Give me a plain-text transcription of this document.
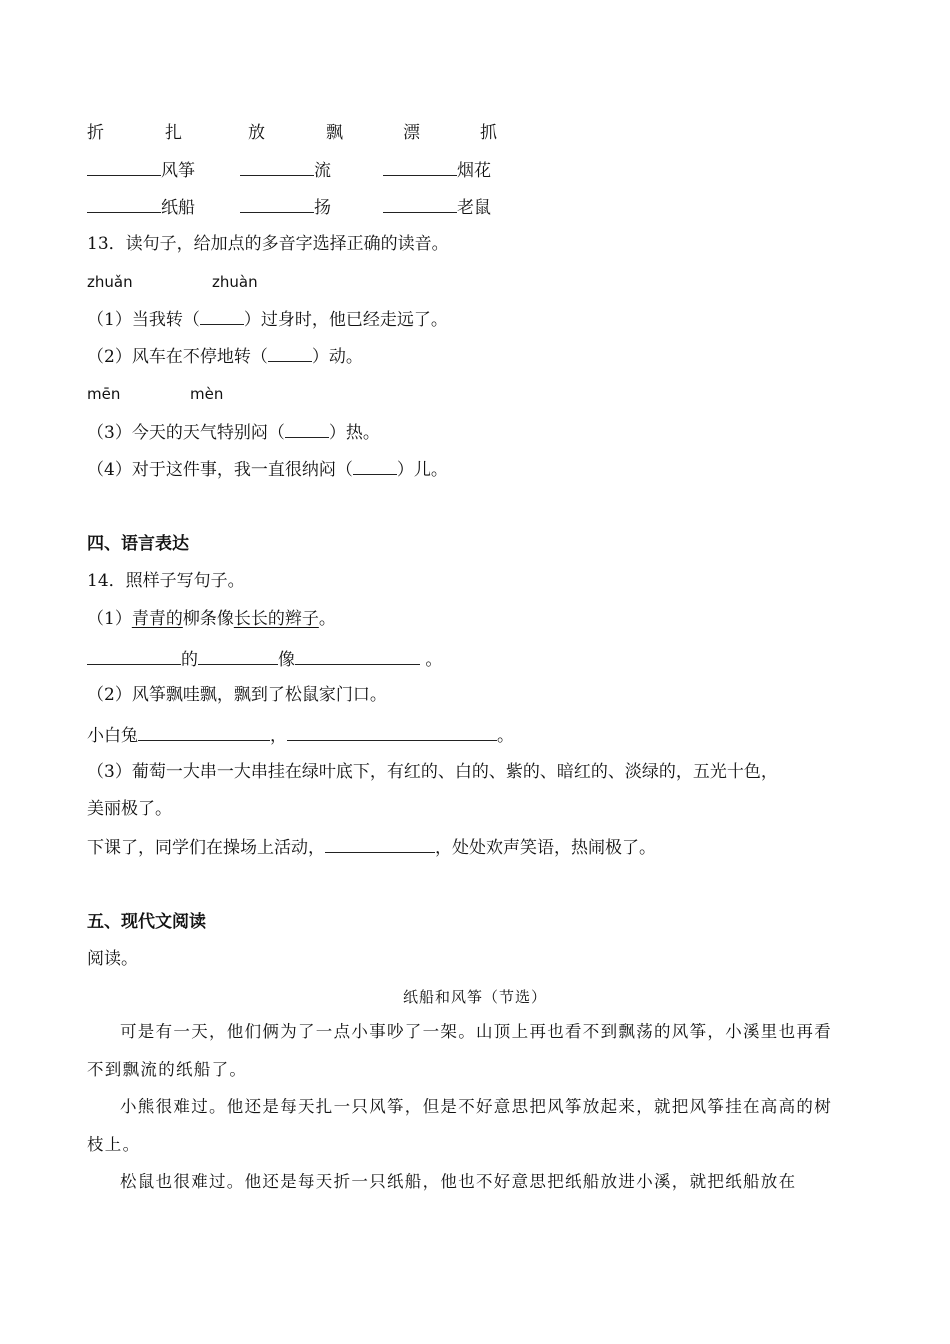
折	扎	放	飘	漂	抓
风筝	流	烟花
纸船	扬	老鼠
13．读句子，给加点的多音字选择正确的读音。
zhuǎn	zhuàn
（1）当我转（	）过身时，他已经走远了。
（2）风车在不停地转（	）动。
mēn	mèn
（3）今天的天气特别闷（	）热。
（4）对于这件事，我一直很纳闷（	）儿。
四、语言表达
14．照样子写句子。
（1）青青的柳条像长长的辫子。
的	像	。
（2）风筝飘哇飘，飘到了松鼠家门口。
小白兔	，	。
（3）葡萄一大串一大串挂在绿叶底下，有红的、白的、紫的、暗红的、淡绿的，五光十色，
美丽极了。
下课了，同学们在操场上活动，	，处处欢声笑语，热闹极了。
五、现代文阅读
阅读。
纸船和风筝（节选）
可是有一天，他们俩为了一点小事吵了一架。山顶上再也看不到飘荡的风筝，小溪里也再看不到飘流的纸船了。
小熊很难过。他还是每天扎一只风筝，但是不好意思把风筝放起来，就把风筝挂在高高的树枝上。
松鼠也很难过。他还是每天折一只纸船，他也不好意思把纸船放进小溪，就把纸船放在
